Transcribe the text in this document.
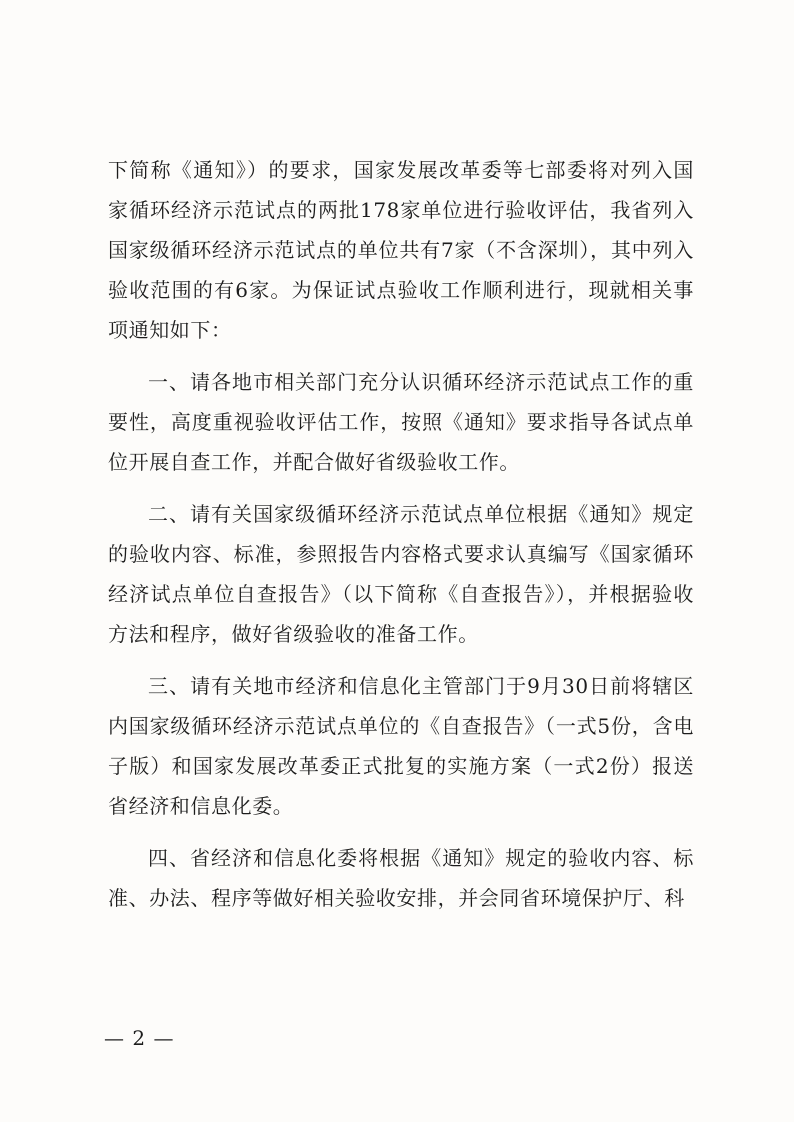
下简称《通知》）的要求，国家发展改革委等七部委将对列入国家循环经济示范试点的两批178家单位进行验收评估，我省列入国家级循环经济示范试点的单位共有7家（不含深圳），其中列入验收范围的有6家。为保证试点验收工作顺利进行，现就相关事项通知如下：

一、请各地市相关部门充分认识循环经济示范试点工作的重要性，高度重视验收评估工作，按照《通知》要求指导各试点单位开展自查工作，并配合做好省级验收工作。

二、请有关国家级循环经济示范试点单位根据《通知》规定的验收内容、标准，参照报告内容格式要求认真编写《国家循环经济试点单位自查报告》（以下简称《自查报告》），并根据验收方法和程序，做好省级验收的准备工作。

三、请有关地市经济和信息化主管部门于9月30日前将辖区内国家级循环经济示范试点单位的《自查报告》（一式5份，含电子版）和国家发展改革委正式批复的实施方案（一式2份）报送省经济和信息化委。

四、省经济和信息化委将根据《通知》规定的验收内容、标准、办法、程序等做好相关验收安排，并会同省环境保护厅、科

— 2 —
